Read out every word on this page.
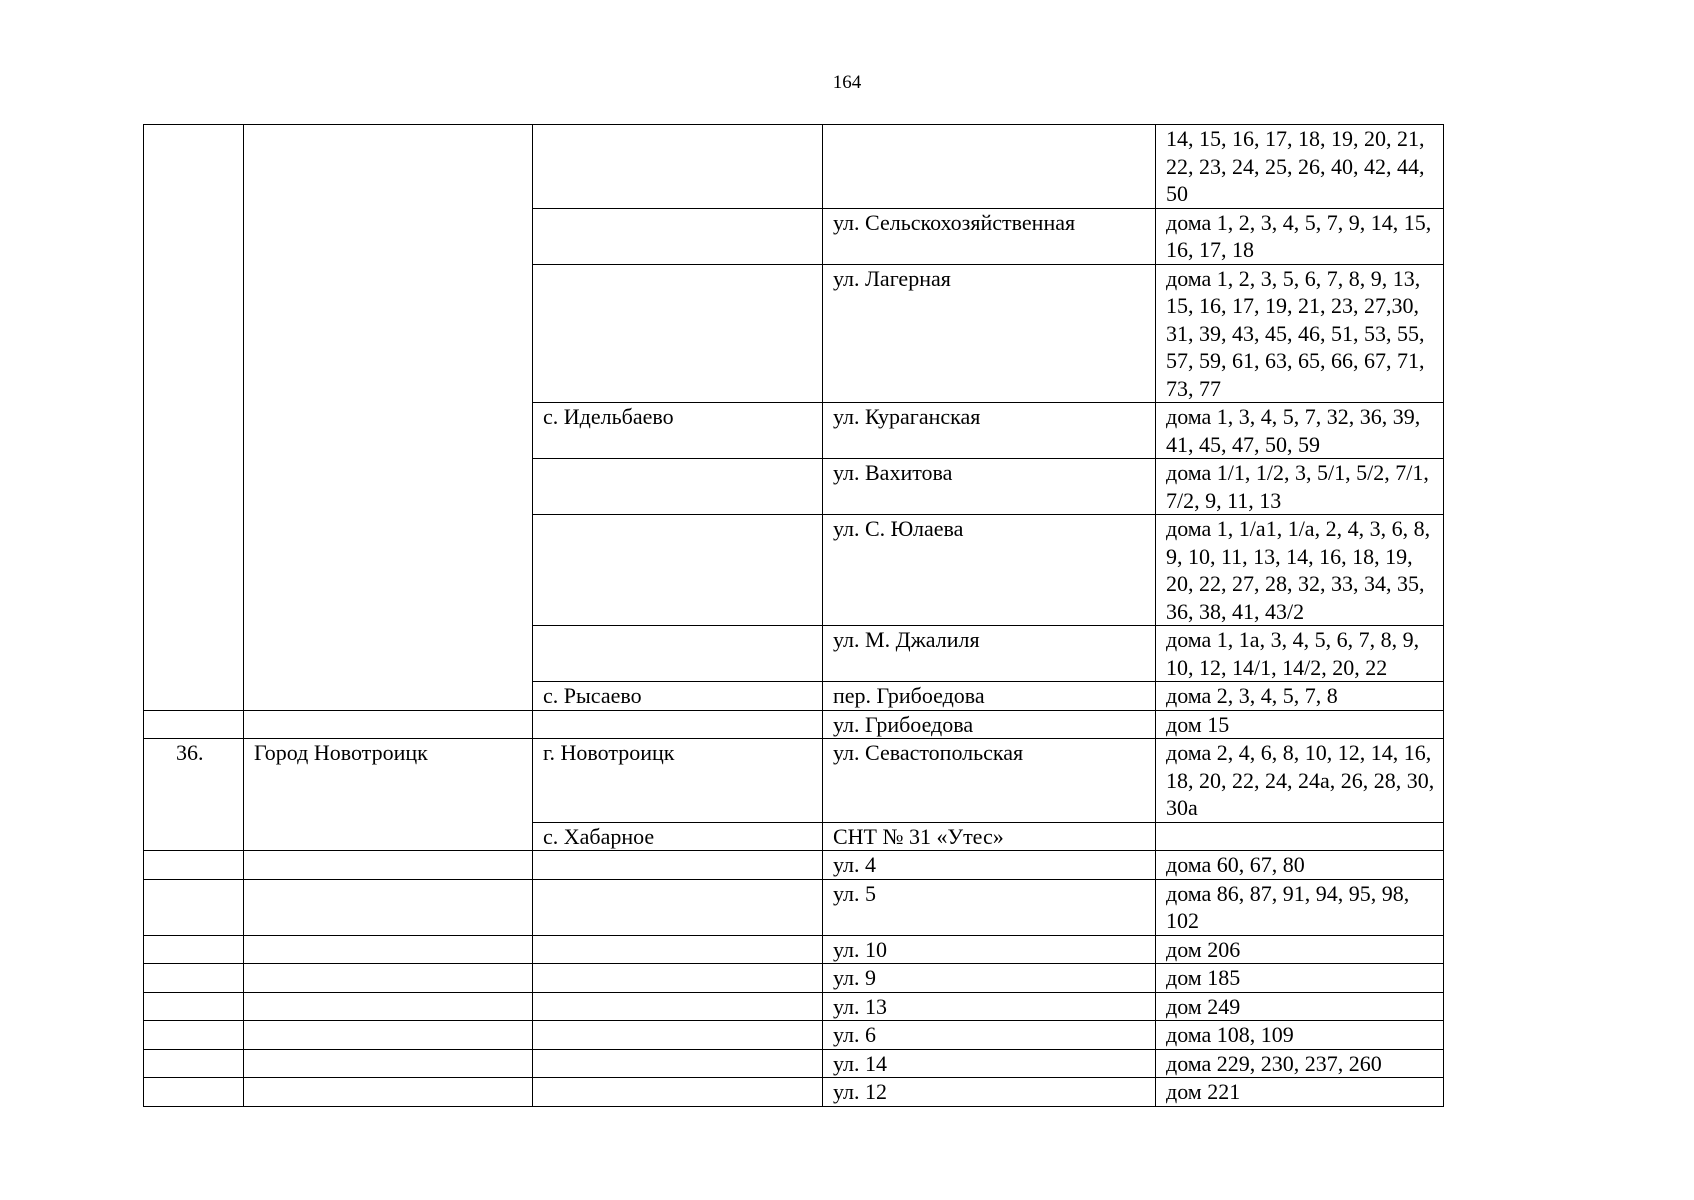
164
				14, 15, 16, 17, 18, 19, 20, 21, 22, 23, 24, 25, 26, 40, 42, 44, 50
			ул. Сельскохозяйственная	дома 1, 2, 3, 4, 5, 7, 9, 14, 15, 16, 17, 18
			ул. Лагерная	дома 1, 2, 3, 5, 6, 7, 8, 9, 13, 15, 16, 17, 19, 21, 23, 27,30, 31, 39, 43, 45, 46, 51, 53, 55, 57, 59, 61, 63, 65, 66, 67, 71, 73, 77
		с. Идельбаево	ул. Кураганская	дома 1, 3, 4, 5, 7, 32, 36, 39, 41, 45, 47, 50, 59
			ул. Вахитова	дома 1/1, 1/2, 3, 5/1, 5/2, 7/1, 7/2, 9, 11, 13
			ул. С. Юлаева	дома 1, 1/а1, 1/а, 2, 4, 3, 6, 8, 9, 10, 11, 13, 14, 16, 18, 19, 20, 22, 27, 28, 32, 33, 34, 35, 36, 38, 41, 43/2
			ул. М. Джалиля	дома 1, 1а, 3, 4, 5, 6, 7, 8, 9, 10, 12, 14/1, 14/2, 20, 22
		с. Рысаево	пер. Грибоедова	дома 2, 3, 4, 5, 7, 8
			ул. Грибоедова	дом 15
36.	Город Новотроицк	г. Новотроицк	ул. Севастопольская	дома 2, 4, 6, 8, 10, 12, 14, 16, 18, 20, 22, 24, 24а, 26, 28, 30, 30а
		с. Хабарное	СНТ № 31 «Утес»	
			ул. 4	дома 60, 67, 80
			ул. 5	дома 86, 87, 91, 94, 95, 98, 102
			ул. 10	дом 206
			ул. 9	дом 185
			ул. 13	дом 249
			ул. 6	дома 108, 109
			ул. 14	дома 229, 230, 237, 260
			ул. 12	дом 221
